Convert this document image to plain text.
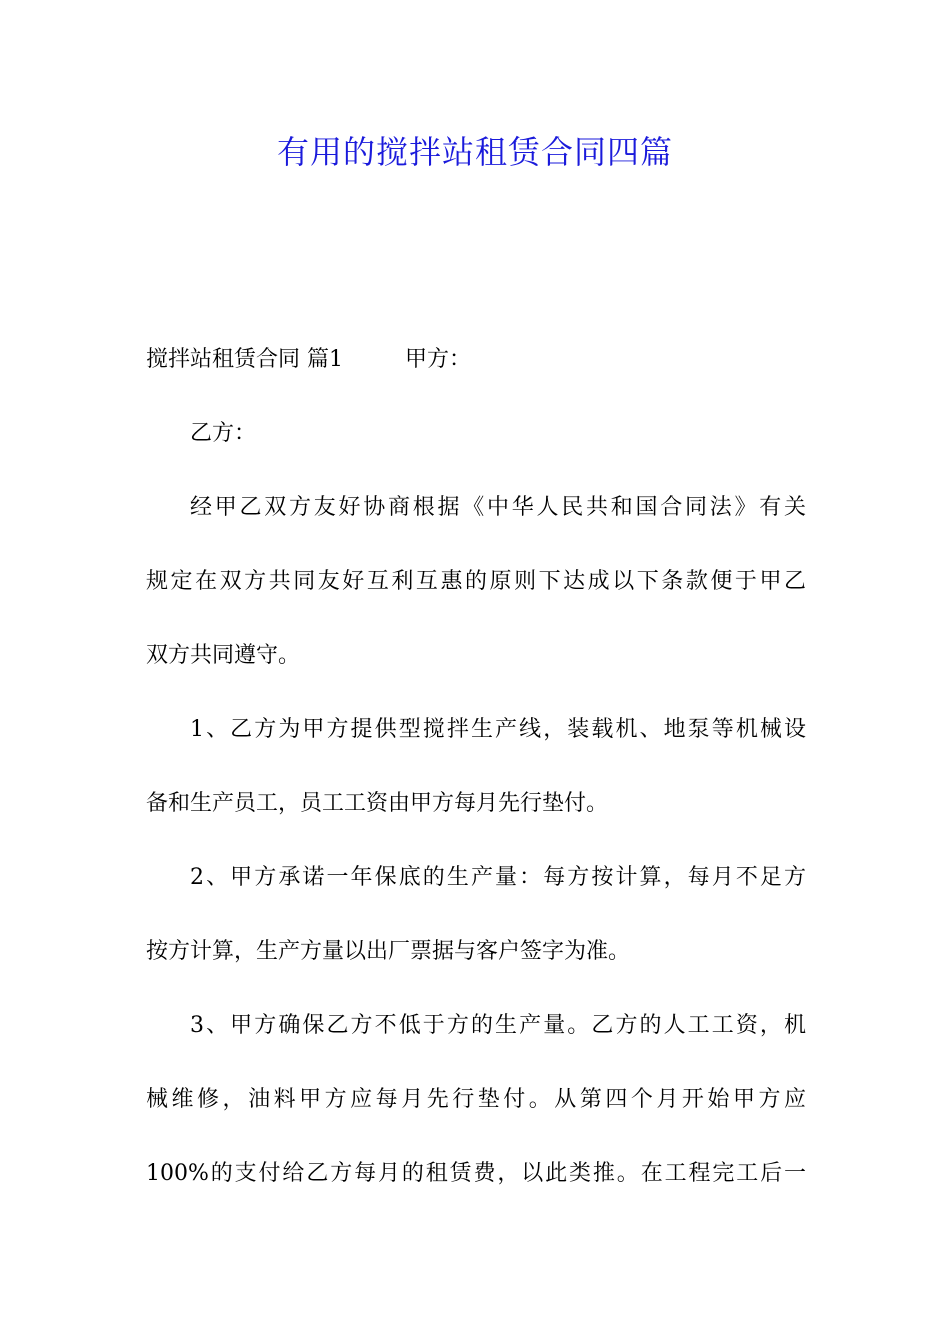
有用的搅拌站租赁合同四篇
搅拌站租赁合同 篇1	甲方：
乙方：
经甲乙双方友好协商根据《中华人民共和国合同法》有关
规定在双方共同友好互利互惠的原则下达成以下条款便于甲乙
双方共同遵守。
1、乙方为甲方提供型搅拌生产线，装载机、地泵等机械设
备和生产员工，员工工资由甲方每月先行垫付。
2、甲方承诺一年保底的生产量：每方按计算，每月不足方
按方计算，生产方量以出厂票据与客户签字为准。
3、甲方确保乙方不低于方的生产量。乙方的人工工资，机
械维修，油料甲方应每月先行垫付。从第四个月开始甲方应
100%的支付给乙方每月的租赁费，以此类推。在工程完工后一
